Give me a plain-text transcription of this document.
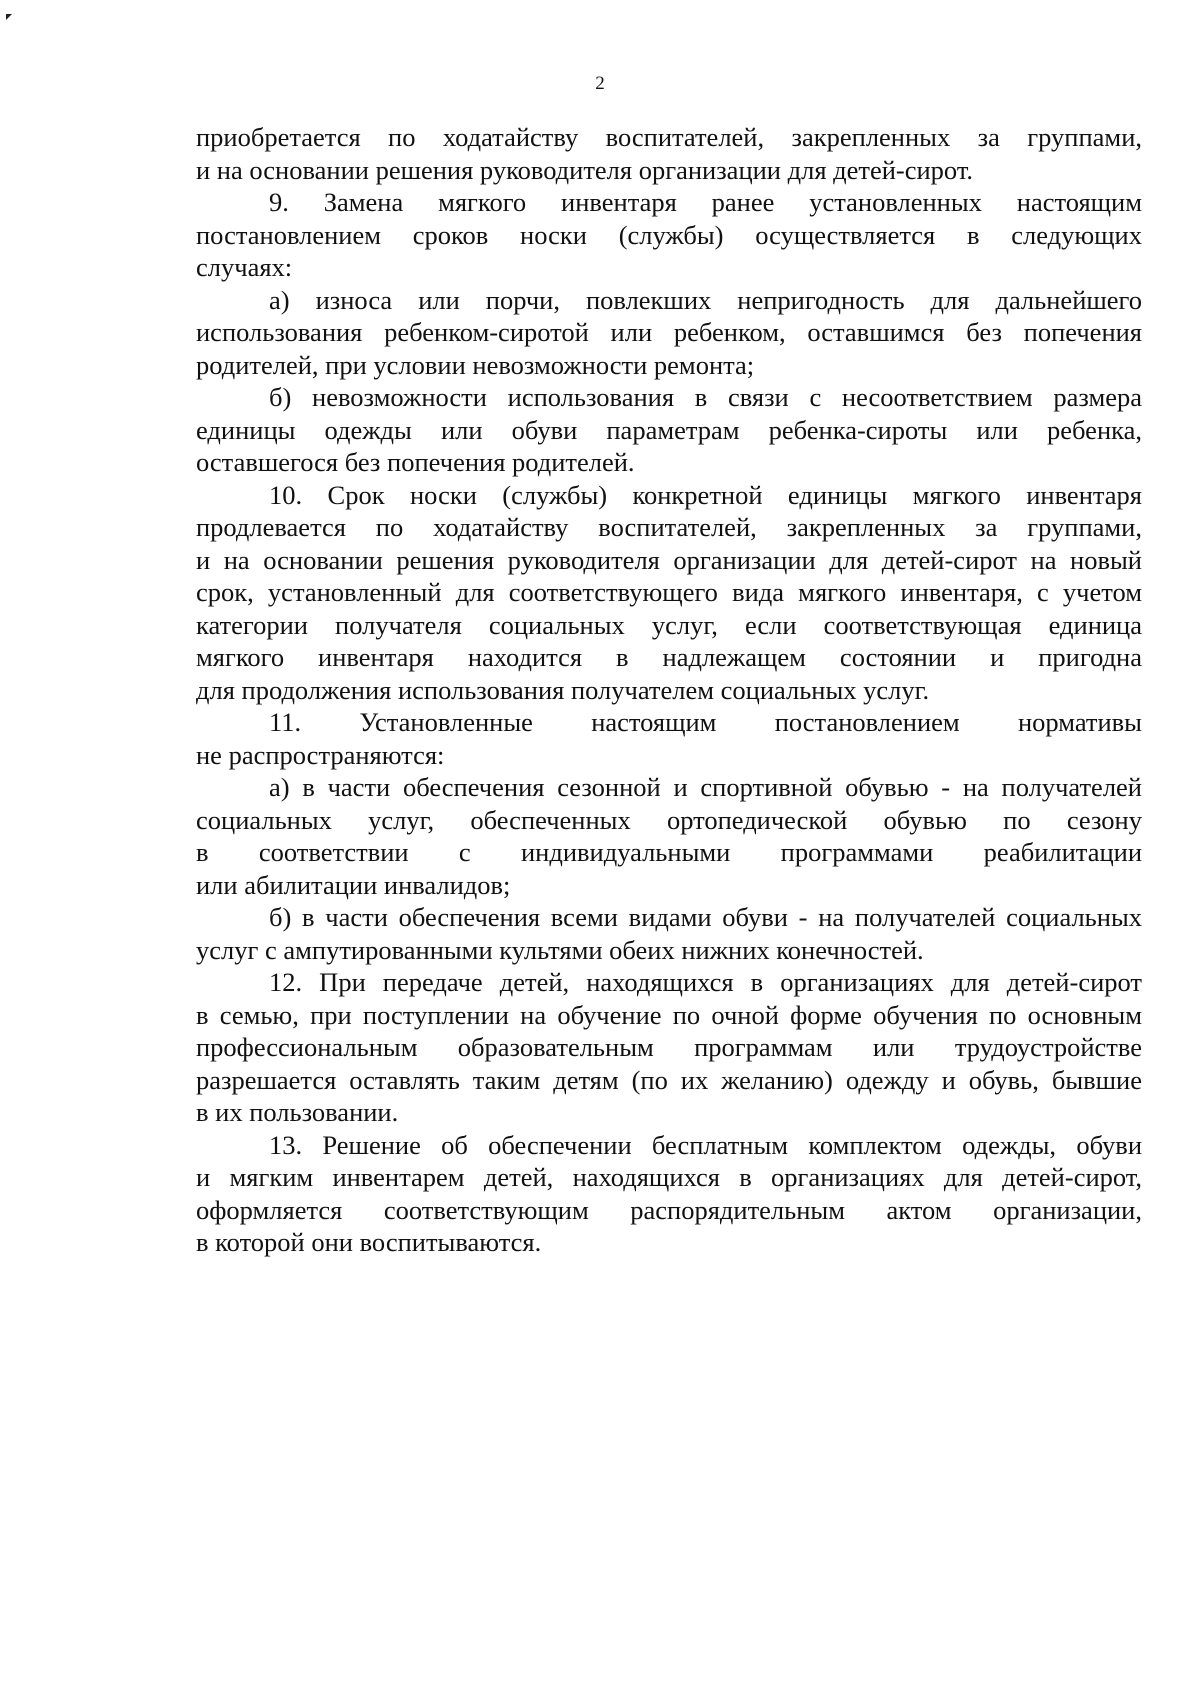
2

приобретается по ходатайству воспитателей, закрепленных за группами,
и на основании решения руководителя организации для детей-сирот.

9. Замена мягкого инвентаря ранее установленных настоящим
постановлением сроков носки (службы) осуществляется в следующих
случаях:

а) износа или порчи, повлекших непригодность для дальнейшего
использования ребенком-сиротой или ребенком, оставшимся без попечения
родителей, при условии невозможности ремонта;

б) невозможности использования в связи с несоответствием размера
единицы одежды или обуви параметрам ребенка-сироты или ребенка,
оставшегося без попечения родителей.

10. Срок носки (службы) конкретной единицы мягкого инвентаря
продлевается по ходатайству воспитателей, закрепленных за группами,
и на основании решения руководителя организации для детей-сирот на новый
срок, установленный для соответствующего вида мягкого инвентаря, с учетом
категории получателя социальных услуг, если соответствующая единица
мягкого инвентаря находится в надлежащем состоянии и пригодна
для продолжения использования получателем социальных услуг.

11. Установленные настоящим постановлением нормативы
не распространяются:

а) в части обеспечения сезонной и спортивной обувью - на получателей
социальных услуг, обеспеченных ортопедической обувью по сезону
в соответствии с индивидуальными программами реабилитации
или абилитации инвалидов;

б) в части обеспечения всеми видами обуви - на получателей социальных
услуг с ампутированными культями обеих нижних конечностей.

12. При передаче детей, находящихся в организациях для детей-сирот
в семью, при поступлении на обучение по очной форме обучения по основным
профессиональным образовательным программам или трудоустройстве
разрешается оставлять таким детям (по их желанию) одежду и обувь, бывшие
в их пользовании.

13. Решение об обеспечении бесплатным комплектом одежды, обуви
и мягким инвентарем детей, находящихся в организациях для детей-сирот,
оформляется соответствующим распорядительным актом организации,
в которой они воспитываются.
